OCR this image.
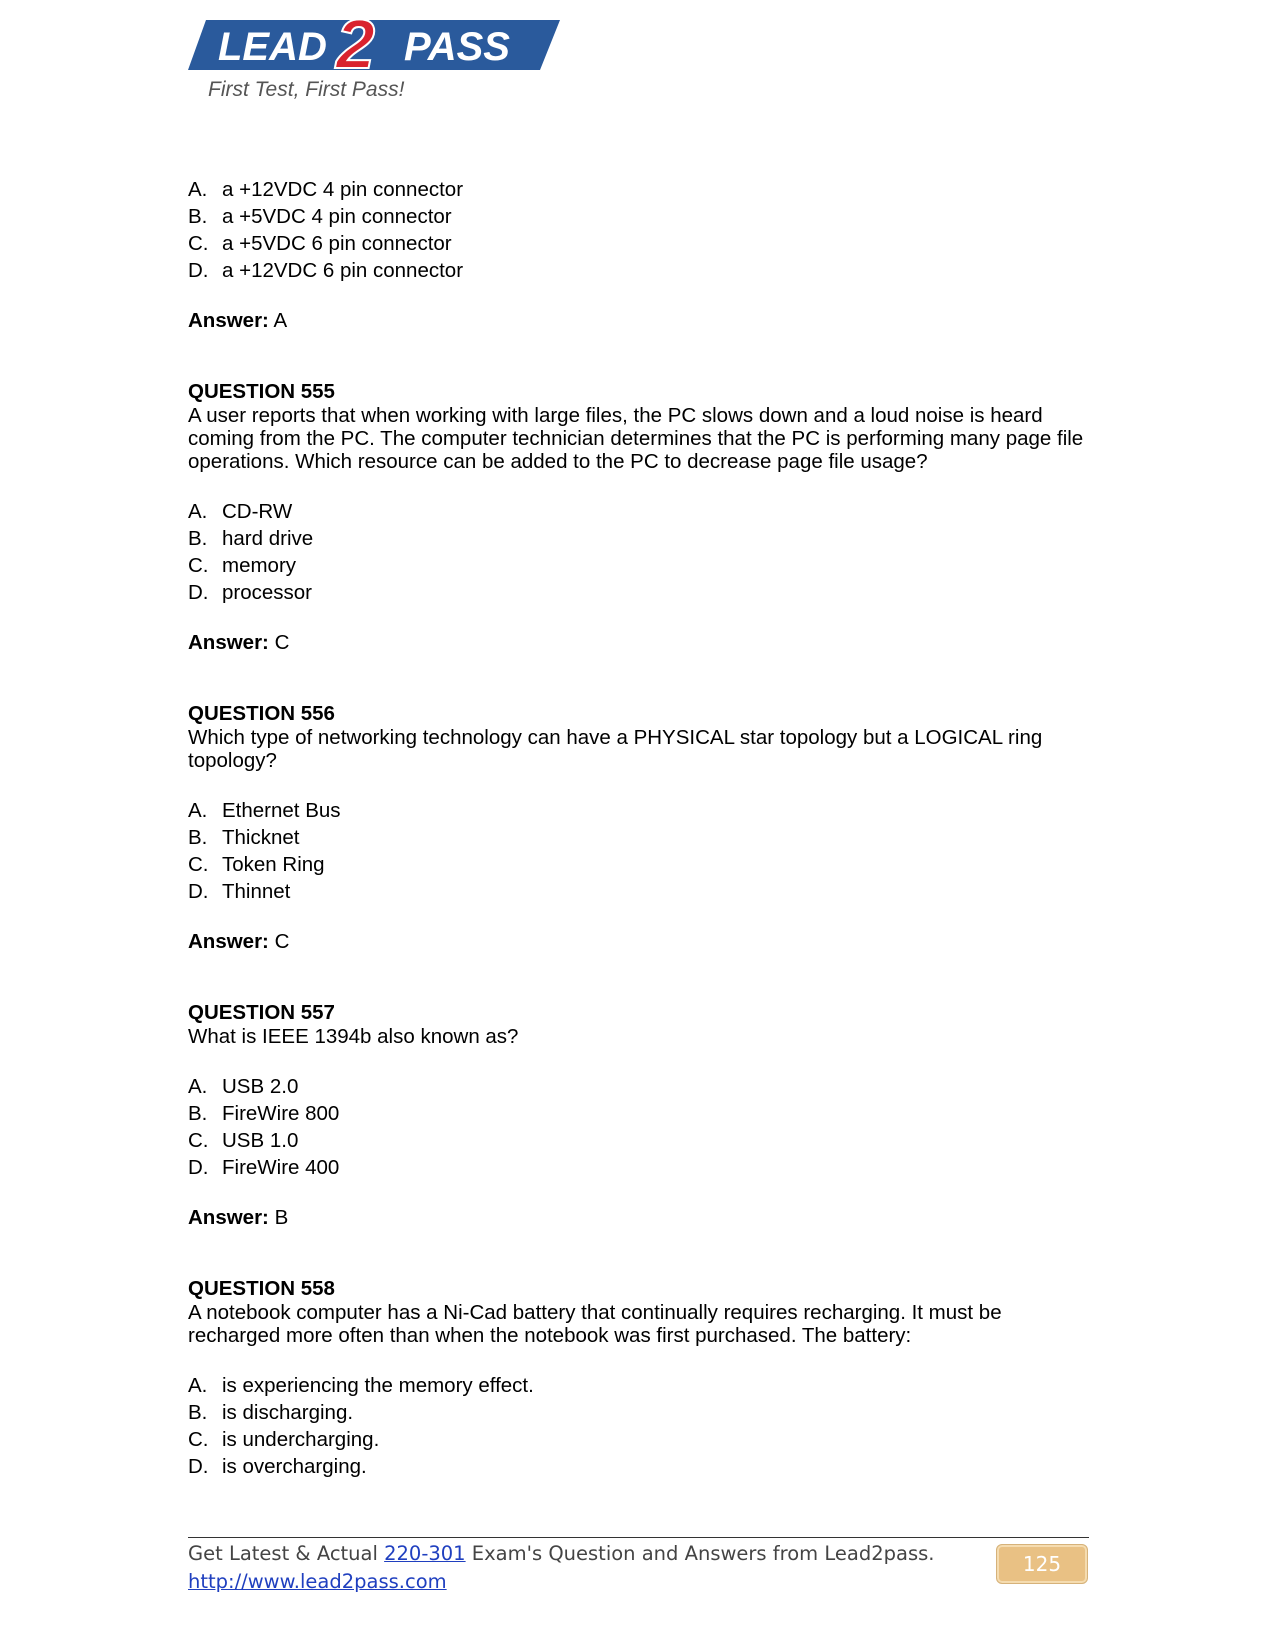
LEAD 2 PASS
First Test, First Pass!
A. a +12VDC 4 pin connector
B. a +5VDC 4 pin connector
C. a +5VDC 6 pin connector
D. a +12VDC 6 pin connector
Answer: A
QUESTION 555
A user reports that when working with large files, the PC slows down and a loud noise is heard coming from the PC. The computer technician determines that the PC is performing many page file operations. Which resource can be added to the PC to decrease page file usage?
A. CD-RW
B. hard drive
C. memory
D. processor
Answer: C
QUESTION 556
Which type of networking technology can have a PHYSICAL star topology but a LOGICAL ring topology?
A. Ethernet Bus
B. Thicknet
C. Token Ring
D. Thinnet
Answer: C
QUESTION 557
What is IEEE 1394b also known as?
A. USB 2.0
B. FireWire 800
C. USB 1.0
D. FireWire 400
Answer: B
QUESTION 558
A notebook computer has a Ni-Cad battery that continually requires recharging. It must be recharged more often than when the notebook was first purchased. The battery:
A. is experiencing the memory effect.
B. is discharging.
C. is undercharging.
D. is overcharging.
Get Latest & Actual 220-301 Exam's Question and Answers from Lead2pass.
http://www.lead2pass.com
125
